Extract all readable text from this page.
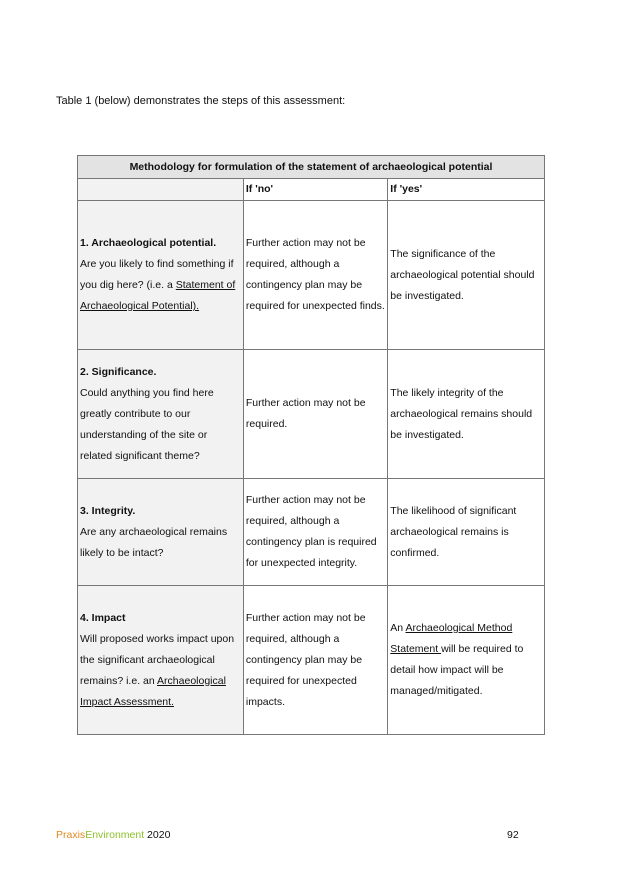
Table 1 (below) demonstrates the steps of this assessment:
Methodology for formulation of the statement of archaeological potential		
	If 'no'	If 'yes'

1. Archaeological potential.
Are you likely to find something if you dig here? (i.e. a Statement of Archaeological Potential).	Further action may not be required, although a contingency plan may be required for unexpected finds.	The significance of the archaeological potential should be investigated.

2. Significance.
Could anything you find here greatly contribute to our understanding of the site or related significant theme?	Further action may not be required.	The likely integrity of the archaeological remains should be investigated.

3. Integrity.
Are any archaeological remains likely to be intact?	Further action may not be required, although a contingency plan is required for unexpected integrity.	The likelihood of significant archaeological remains is confirmed.

4. Impact
Will proposed works impact upon the significant archaeological remains? i.e. an Archaeological Impact Assessment.	Further action may not be required, although a contingency plan may be required for unexpected impacts.	An Archaeological Method Statement will be required to detail how impact will be managed/mitigated.
PraxisEnvironment 2020	92
